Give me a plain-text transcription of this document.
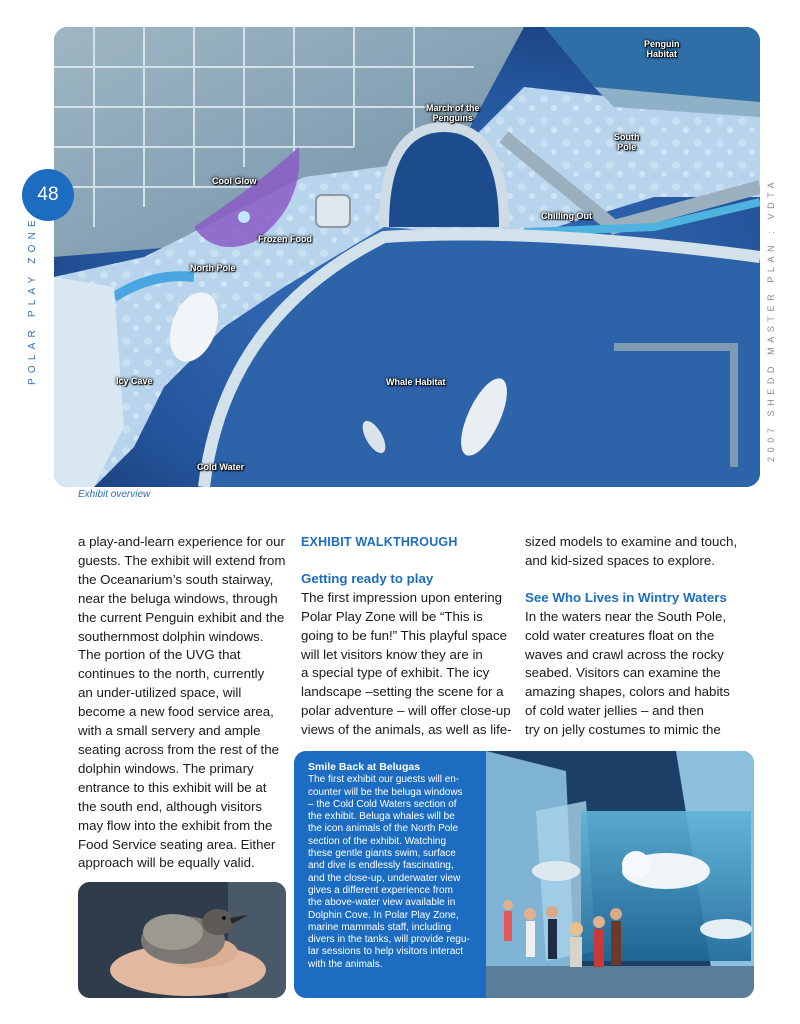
Penguin
Habitat
March of the
Penguins
South
Pole
Cool Glow
Chilling Out
Frozen Food
North Pole
Icy Cave	Whale Habitat
Cold Water
Exhibit overview
48
POLAR PLAY ZONE	2007 SHEDD MASTER PLAN : VDTA

a play-and-learn experience for our
guests. The exhibit will extend from
the Oceanarium’s south stairway,
near the beluga windows, through
the current Penguin exhibit and the
southernmost dolphin windows.
The portion of the UVG that
continues to the north, currently
an under-utilized space, will
become a new food service area,
with a small servery and ample
seating across from the rest of the
dolphin windows. The primary
entrance to this exhibit will be at
the south end, although visitors
may flow into the exhibit from the
Food Service seating area. Either
approach will be equally valid.

EXHIBIT WALKTHROUGH

Getting ready to play

The first impression upon entering
Polar Play Zone will be “This is
going to be fun!” This playful space
will let visitors know they are in
a special type of exhibit. The icy
landscape –setting the scene for a
polar adventure – will offer close-up
views of the animals, as well as life-

sized models to examine and touch,
and kid-sized spaces to explore.

See Who Lives in Wintry Waters

In the waters near the South Pole,
cold water creatures float on the
waves and crawl across the rocky
seabed. Visitors can examine the
amazing shapes, colors and habits
of cold water jellies – and then
try on jelly costumes to mimic the

Smile Back at Belugas
The first exhibit our guests will en-
counter will be the beluga windows
– the Cold Cold Waters section of
the exhibit. Beluga whales will be
the icon animals of the North Pole
section of the exhibit. Watching
these gentle giants swim, surface
and dive is endlessly fascinating,
and the close-up, underwater view
gives a different experience from
the above-water view available in
Dolphin Cove. In Polar Play Zone,
marine mammals staff, including
divers in the tanks, will provide regu-
lar sessions to help visitors interact
with the animals.
